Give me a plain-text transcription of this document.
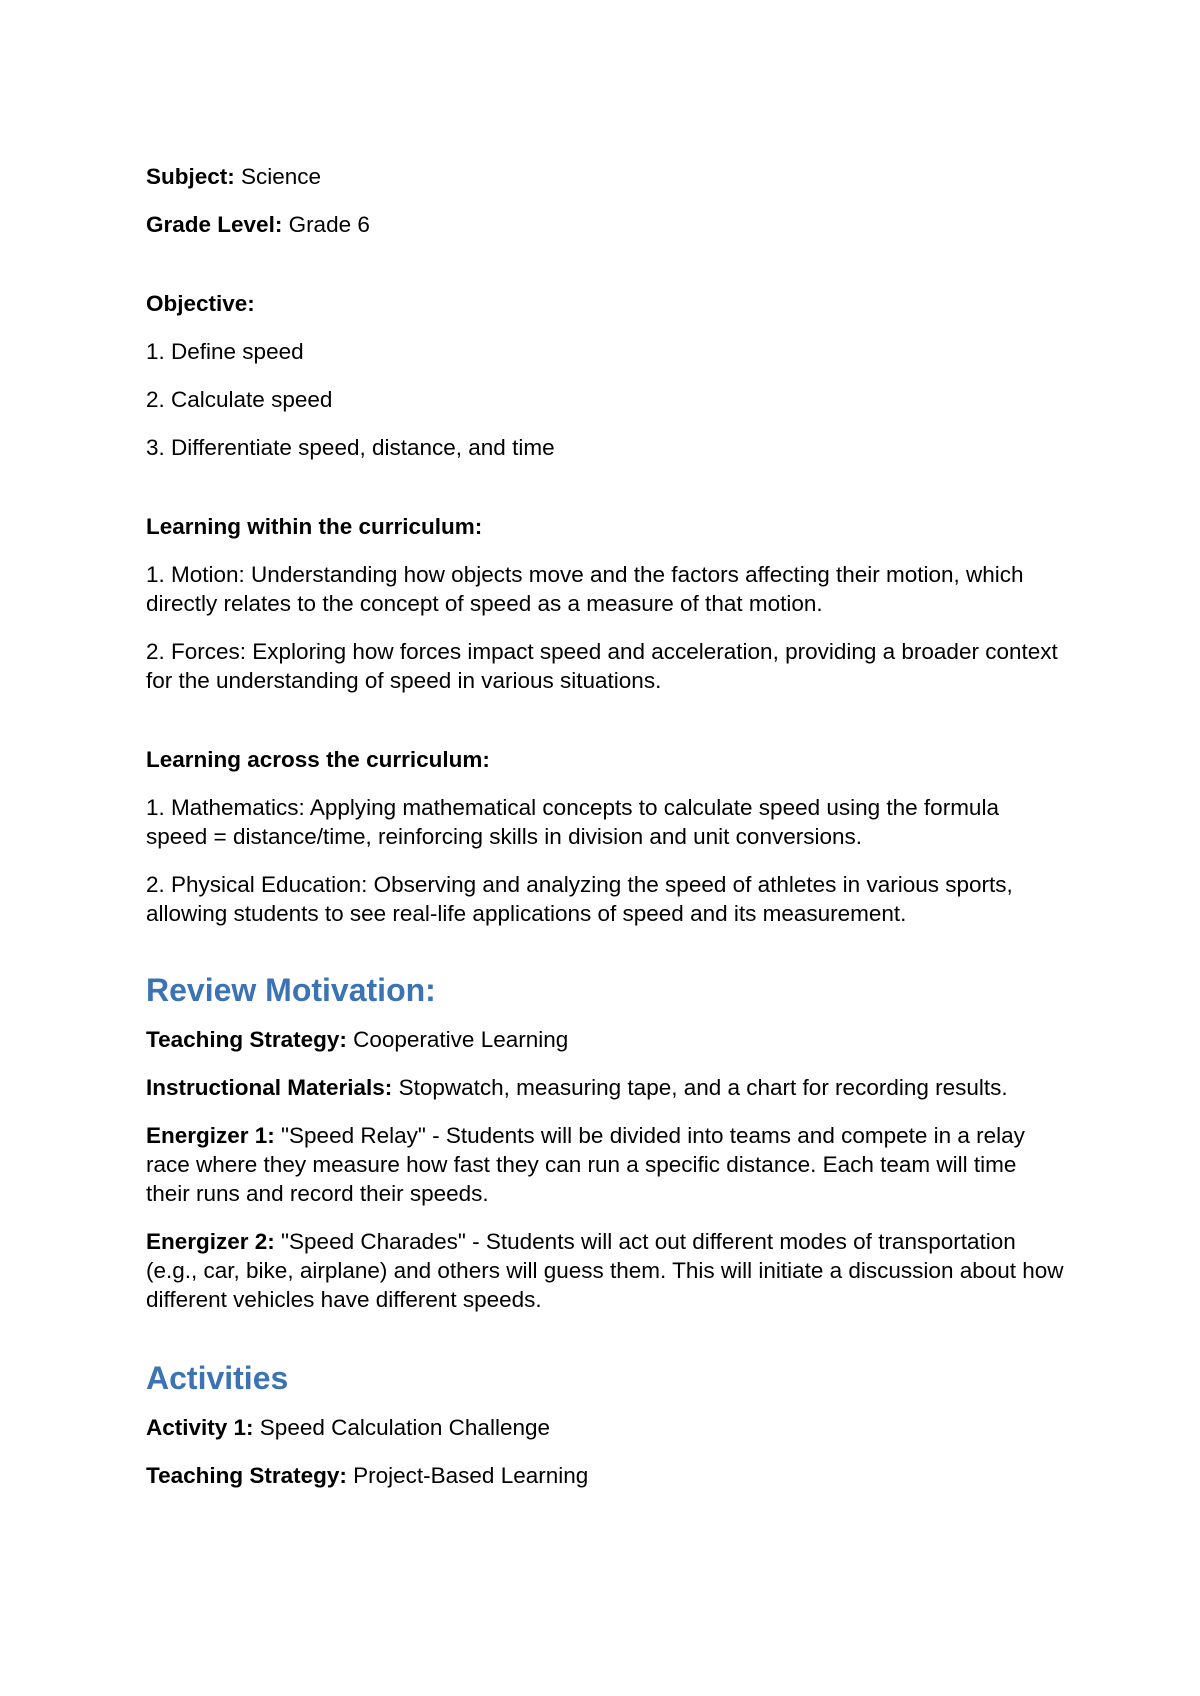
Subject: Science

Grade Level: Grade 6

Objective:

1. Define speed

2. Calculate speed

3. Differentiate speed, distance, and time

Learning within the curriculum:

1. Motion: Understanding how objects move and the factors affecting their motion, which directly relates to the concept of speed as a measure of that motion.

2. Forces: Exploring how forces impact speed and acceleration, providing a broader context for the understanding of speed in various situations.

Learning across the curriculum:

1. Mathematics: Applying mathematical concepts to calculate speed using the formula speed = distance/time, reinforcing skills in division and unit conversions.

2. Physical Education: Observing and analyzing the speed of athletes in various sports, allowing students to see real-life applications of speed and its measurement.

Review Motivation:

Teaching Strategy: Cooperative Learning

Instructional Materials: Stopwatch, measuring tape, and a chart for recording results.

Energizer 1: "Speed Relay" - Students will be divided into teams and compete in a relay race where they measure how fast they can run a specific distance. Each team will time their runs and record their speeds.

Energizer 2: "Speed Charades" - Students will act out different modes of transportation (e.g., car, bike, airplane) and others will guess them. This will initiate a discussion about how different vehicles have different speeds.

Activities

Activity 1: Speed Calculation Challenge

Teaching Strategy: Project-Based Learning
